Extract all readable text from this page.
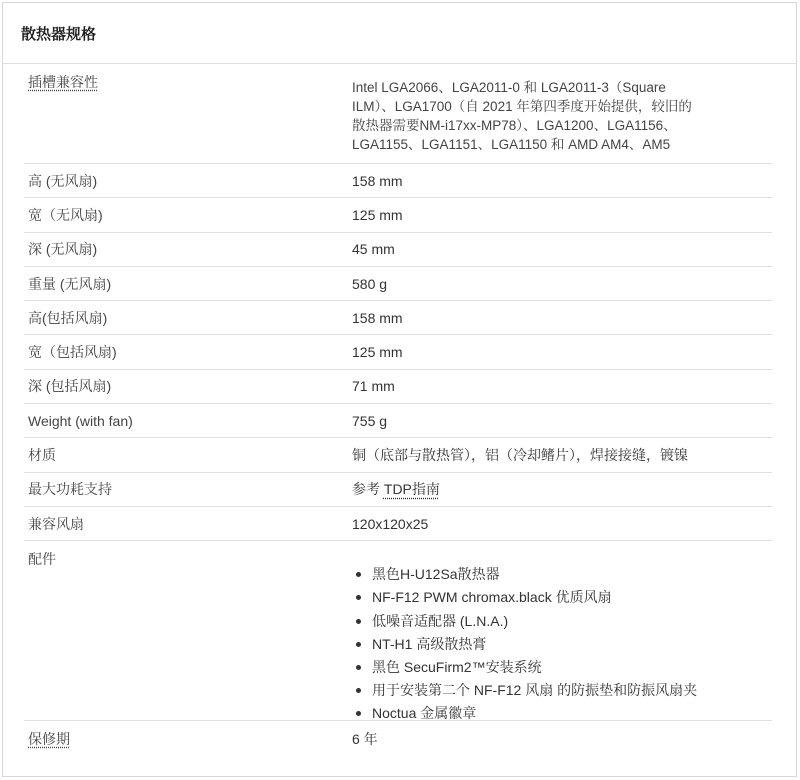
散热器规格
插槽兼容性	Intel LGA2066、LGA2011-0 和 LGA2011-3（Square
ILM）、LGA1700（自 2021 年第四季度开始提供，较旧的
散热器需要NM-i17xx-MP78）、LGA1200、LGA1156、
LGA1155、LGA1151、LGA1150 和 AMD AM4、AM5
高 (无风扇)	158 mm
宽（无风扇)	125 mm
深 (无风扇)	45 mm
重量 (无风扇)	580 g
高(包括风扇)	158 mm
宽（包括风扇)	125 mm
深 (包括风扇)	71 mm
Weight (with fan)	755 g
材质	铜（底部与散热管），铝（冷却鳍片），焊接接缝，镀镍
最大功耗支持	参考 TDP指南
兼容风扇	120x120x25
配件
黑色H-U12Sa散热器
NF-F12 PWM chromax.black 优质风扇
低噪音适配器 (L.N.A.)
NT-H1 高级散热膏
黑色 SecuFirm2™安装系统
用于安装第二个 NF-F12 风扇 的防振垫和防振风扇夹
Noctua 金属徽章
保修期	6 年
